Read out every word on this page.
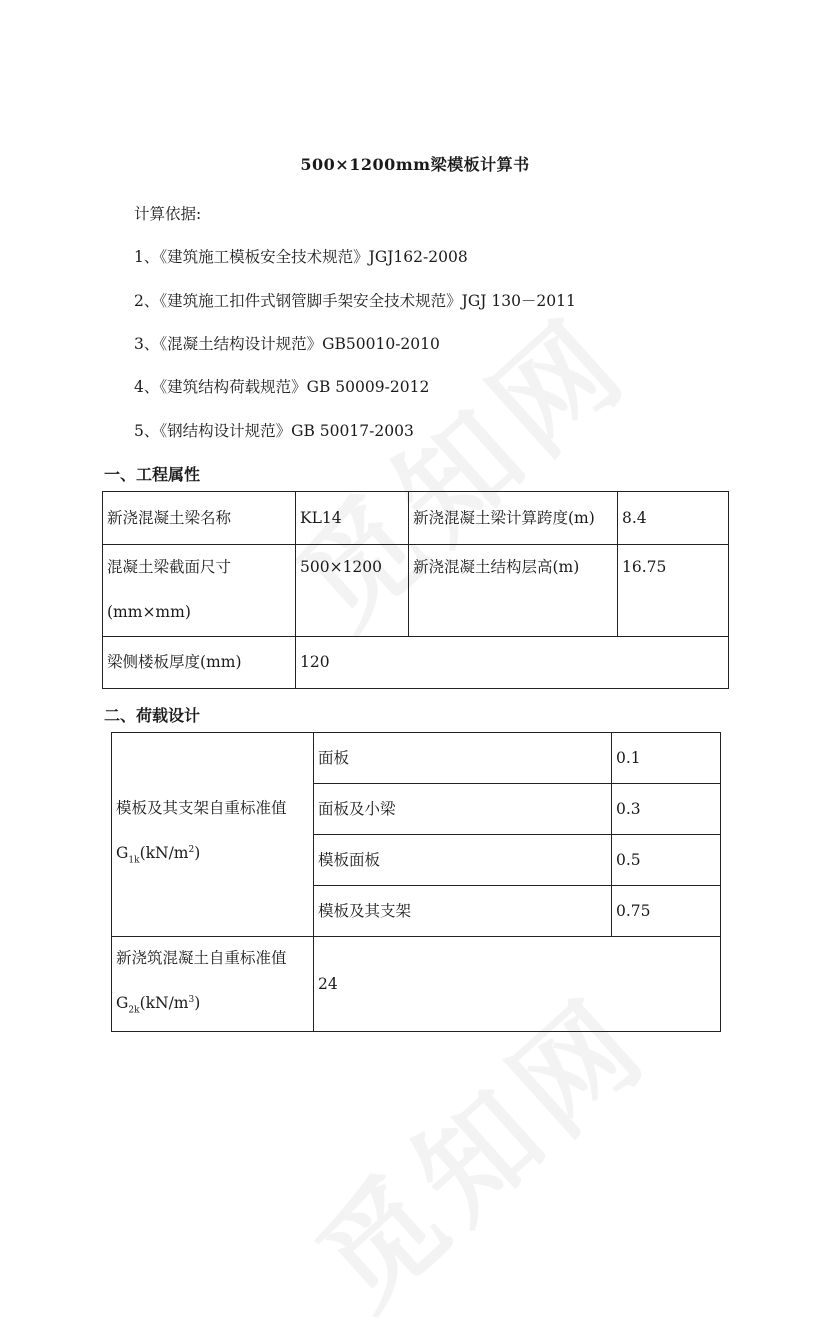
500×1200mm梁模板计算书
计算依据:
1、《建筑施工模板安全技术规范》JGJ162-2008
2、《建筑施工扣件式钢管脚手架安全技术规范》JGJ 130－2011
3、《混凝土结构设计规范》GB50010-2010
4、《建筑结构荷载规范》GB 50009-2012
5、《钢结构设计规范》GB 50017-2003
一、工程属性
新浇混凝土梁名称	KL14	新浇混凝土梁计算跨度(m)	8.4

混凝土梁截面尺寸
(mm×mm)	500×1200	新浇混凝土结构层高(m)	16.75
梁侧楼板厚度(mm)	120		
二、荷载设计
模板及其支架自重标准值
$G_{1k}(kN/m^2)$	面板	0.1
	面板及小梁	0.3
	模板面板	0.5
	模板及其支架	0.75

新浇筑混凝土自重标准值
$G_{2k}(kN/m^3)$	24	
